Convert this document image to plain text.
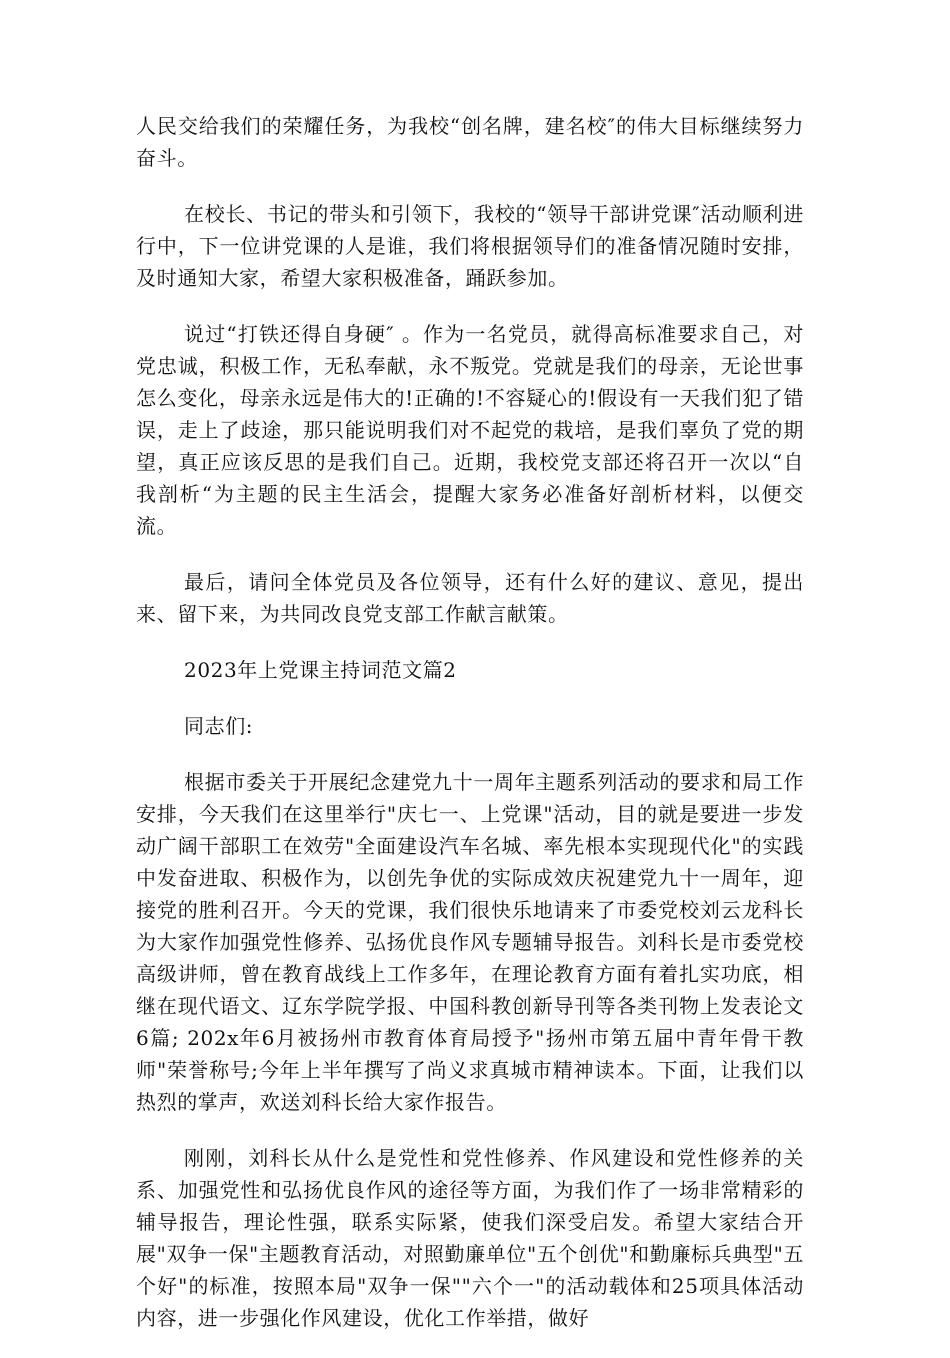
人民交给我们的荣耀任务，为我校“创名牌，建名校″的伟大目标继续努力奋斗。

在校长、书记的带头和引领下，我校的“领导干部讲党课″活动顺利进行中，下一位讲党课的人是谁，我们将根据领导们的准备情况随时安排，及时通知大家，希望大家积极准备，踊跃参加。

说过“打铁还得自身硬″ 。作为一名党员，就得高标准要求自己，对党忠诚，积极工作，无私奉献，永不叛党。党就是我们的母亲，无论世事怎么变化，母亲永远是伟大的!正确的!不容疑心的!假设有一天我们犯了错误，走上了歧途，那只能说明我们对不起党的栽培，是我们辜负了党的期望，真正应该反思的是我们自己。近期，我校党支部还将召开一次以“自我剖析“为主题的民主生活会，提醒大家务必准备好剖析材料，以便交流。

最后，请问全体党员及各位领导，还有什么好的建议、意见，提出来、留下来，为共同改良党支部工作献言献策。

2023年上党课主持词范文篇2

同志们:

根据市委关于开展纪念建党九十一周年主题系列活动的要求和局工作安排，今天我们在这里举行"庆七一、上党课"活动，目的就是要进一步发动广阔干部职工在效劳"全面建设汽车名城、率先根本实现现代化"的实践中发奋进取、积极作为，以创先争优的实际成效庆祝建党九十一周年，迎接党的胜利召开。今天的党课，我们很快乐地请来了市委党校刘云龙科长为大家作加强党性修养、弘扬优良作风专题辅导报告。刘科长是市委党校高级讲师，曾在教育战线上工作多年，在理论教育方面有着扎实功底，相继在现代语文、辽东学院学报、中国科教创新导刊等各类刊物上发表论文6篇; 202x年6月被扬州市教育体育局授予"扬州市第五届中青年骨干教师"荣誉称号;今年上半年撰写了尚义求真城市精神读本。下面，让我们以热烈的掌声，欢送刘科长给大家作报告。

刚刚，刘科长从什么是党性和党性修养、作风建设和党性修养的关系、加强党性和弘扬优良作风的途径等方面，为我们作了一场非常精彩的辅导报告，理论性强，联系实际紧，使我们深受启发。希望大家结合开展"双争一保"主题教育活动，对照勤廉单位"五个创优"和勤廉标兵典型"五个好"的标准，按照本局"双争一保""六个一"的活动载体和25项具体活动内容，进一步强化作风建设，优化工作举措，做好
